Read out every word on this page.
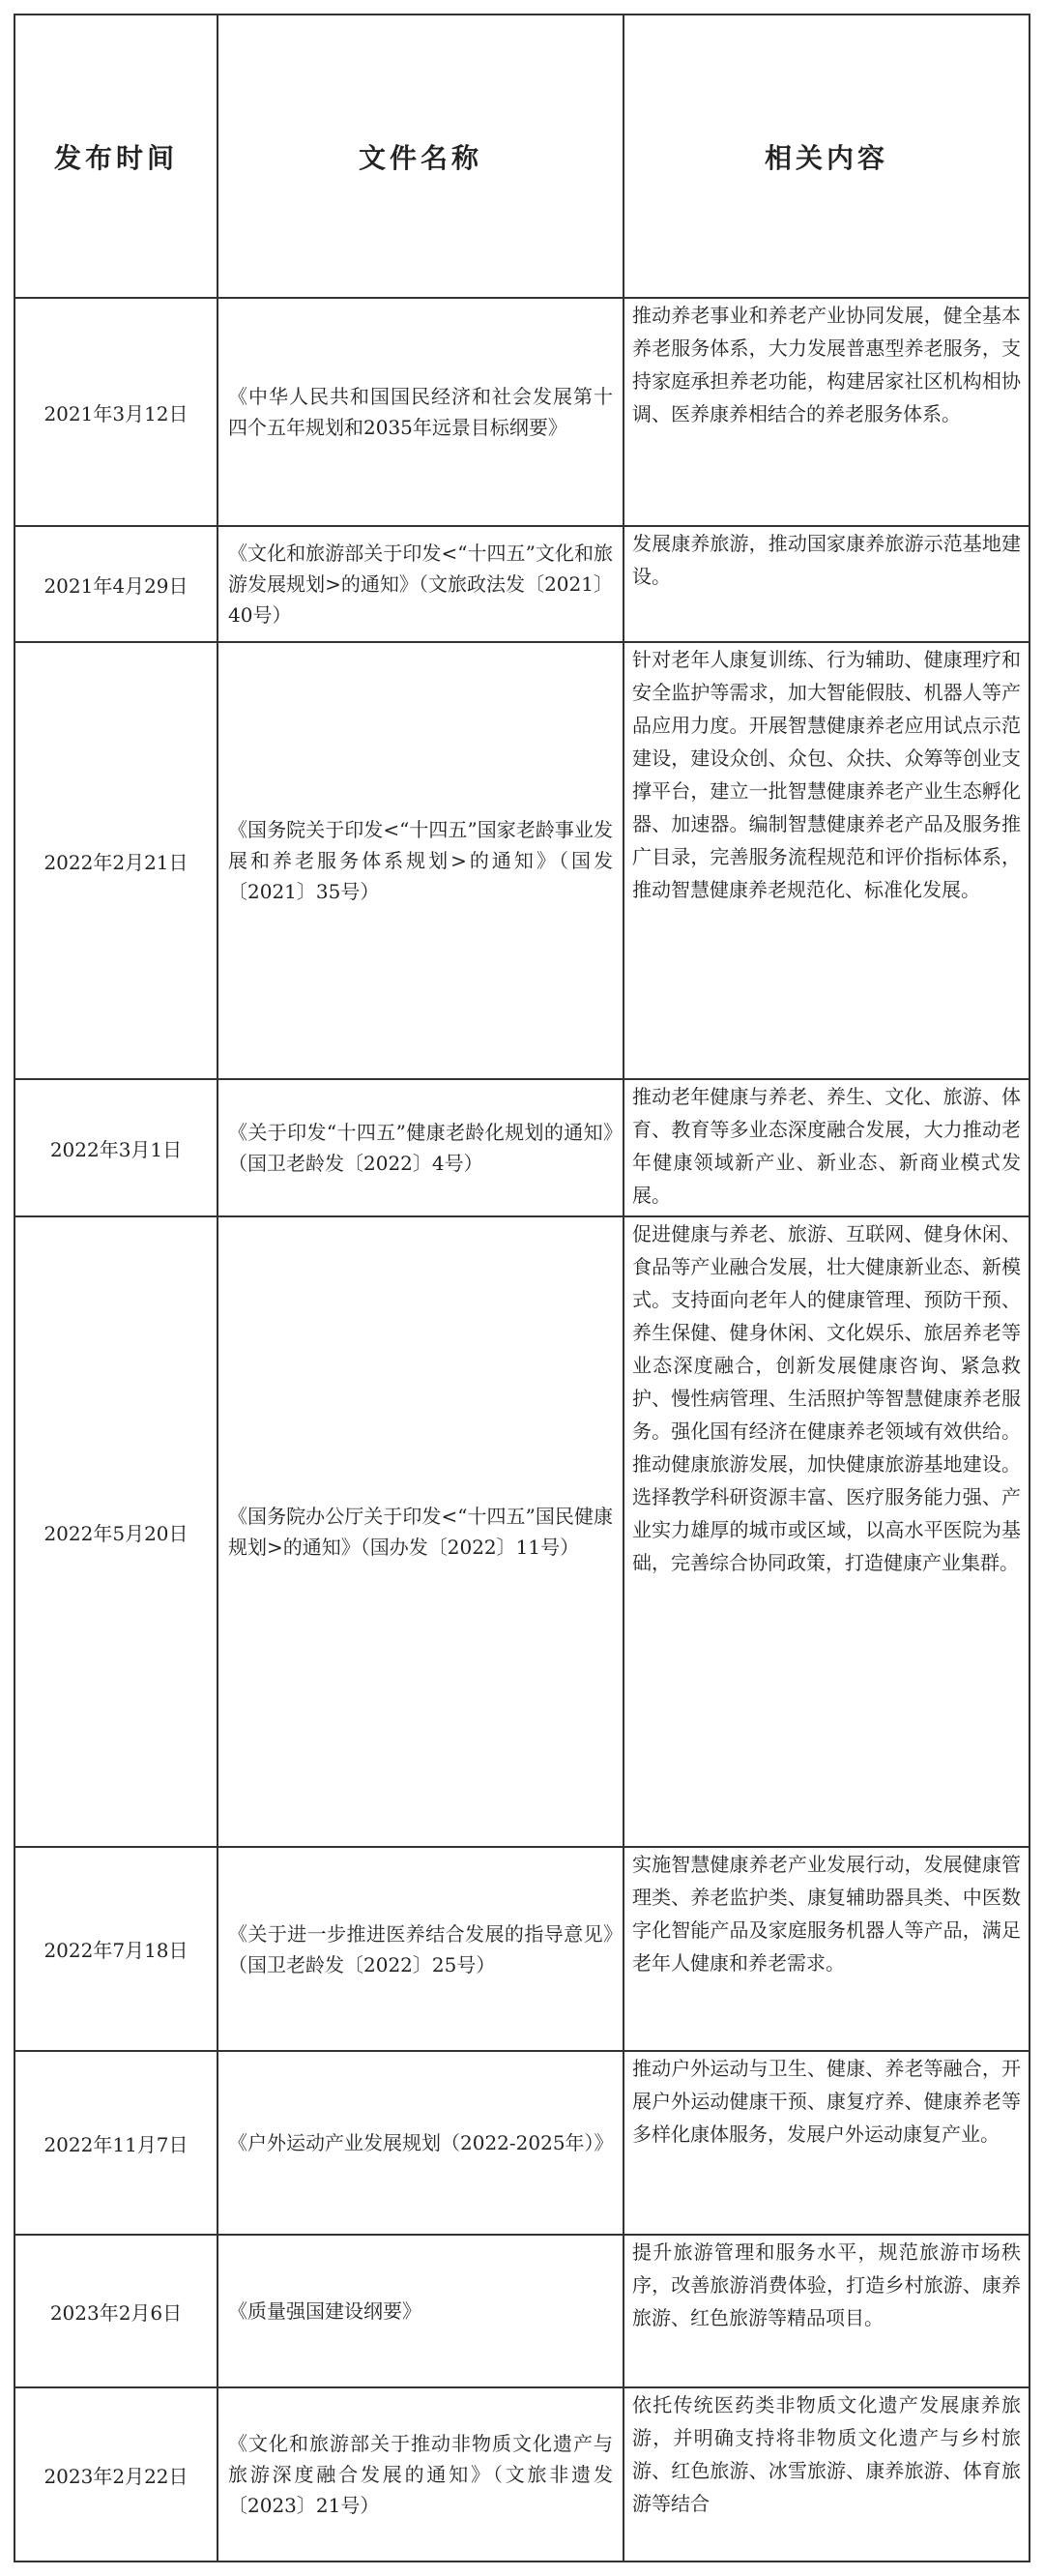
发布时间	文件名称	相关内容
2021年3月12日	《中华人民共和国国民经济和社会发展第十四个五年规划和2035年远景目标纲要》	推动养老事业和养老产业协同发展，健全基本养老服务体系，大力发展普惠型养老服务，支持家庭承担养老功能，构建居家社区机构相协调、医养康养相结合的养老服务体系。
2021年4月29日	《文化和旅游部关于印发<“十四五”文化和旅游发展规划>的通知》（文旅政法发〔2021〕40号）	发展康养旅游，推动国家康养旅游示范基地建设。
2022年2月21日	《国务院关于印发<“十四五”国家老龄事业发展和养老服务体系规划>的通知》（国发〔2021〕35号）	针对老年人康复训练、行为辅助、健康理疗和安全监护等需求，加大智能假肢、机器人等产品应用力度。开展智慧健康养老应用试点示范建设，建设众创、众包、众扶、众筹等创业支撑平台，建立一批智慧健康养老产业生态孵化器、加速器。编制智慧健康养老产品及服务推广目录，完善服务流程规范和评价指标体系，推动智慧健康养老规范化、标准化发展。
2022年3月1日	《关于印发“十四五”健康老龄化规划的通知》（国卫老龄发〔2022〕4号）	推动老年健康与养老、养生、文化、旅游、体育、教育等多业态深度融合发展，大力推动老年健康领域新产业、新业态、新商业模式发展。
2022年5月20日	《国务院办公厅关于印发<“十四五”国民健康规划>的通知》（国办发〔2022〕11号）	促进健康与养老、旅游、互联网、健身休闲、食品等产业融合发展，壮大健康新业态、新模式。支持面向老年人的健康管理、预防干预、养生保健、健身休闲、文化娱乐、旅居养老等业态深度融合，创新发展健康咨询、紧急救护、慢性病管理、生活照护等智慧健康养老服务。强化国有经济在健康养老领域有效供给。推动健康旅游发展，加快健康旅游基地建设。选择教学科研资源丰富、医疗服务能力强、产业实力雄厚的城市或区域，以高水平医院为基础，完善综合协同政策，打造健康产业集群。
2022年7月18日	《关于进一步推进医养结合发展的指导意见》（国卫老龄发〔2022〕25号）	实施智慧健康养老产业发展行动，发展健康管理类、养老监护类、康复辅助器具类、中医数字化智能产品及家庭服务机器人等产品，满足老年人健康和养老需求。
2022年11月7日	《户外运动产业发展规划（2022-2025年）》	推动户外运动与卫生、健康、养老等融合，开展户外运动健康干预、康复疗养、健康养老等多样化康体服务，发展户外运动康复产业。
2023年2月6日	《质量强国建设纲要》	提升旅游管理和服务水平，规范旅游市场秩序，改善旅游消费体验，打造乡村旅游、康养旅游、红色旅游等精品项目。
2023年2月22日	《文化和旅游部关于推动非物质文化遗产与旅游深度融合发展的通知》（文旅非遗发〔2023〕21号）	依托传统医药类非物质文化遗产发展康养旅游，并明确支持将非物质文化遗产与乡村旅游、红色旅游、冰雪旅游、康养旅游、体育旅游等结合
